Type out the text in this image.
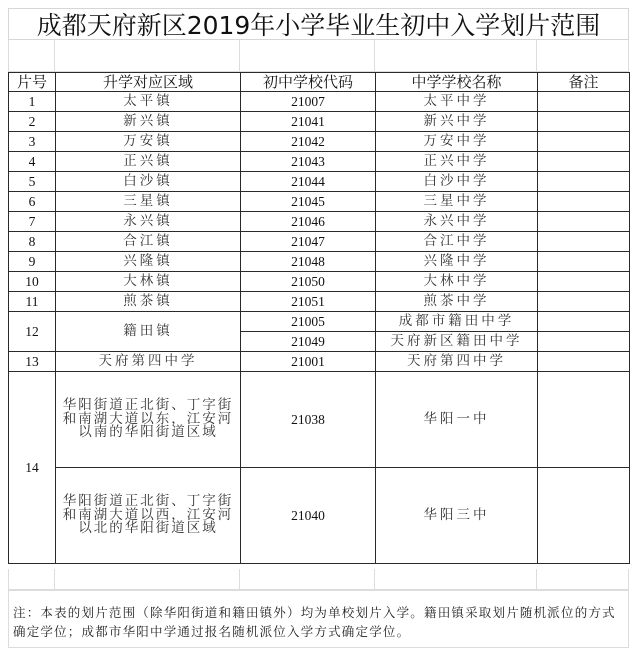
成都天府新区2019年小学毕业生初中入学划片范围
片号	升学对应区域	初中学校代码	中学学校名称	备注
1	太平镇	21007	太平中学	
2	新兴镇	21041	新兴中学	
3	万安镇	21042	万安中学	
4	正兴镇	21043	正兴中学	
5	白沙镇	21044	白沙中学	
6	三星镇	21045	三星中学	
7	永兴镇	21046	永兴中学	
8	合江镇	21047	合江中学	
9	兴隆镇	21048	兴隆中学	
10	大林镇	21050	大林中学	
11	煎茶镇	21051	煎茶中学	
12	籍田镇	21005	成都市籍田中学	
		21049	天府新区籍田中学	
13	天府第四中学	21001	天府第四中学	
14	华阳街道正北街、丁字街和南湖大道以东，江安河以南的华阳街道区域	21038	华阳一中	
	华阳街道正北街、丁字街和南湖大道以西，江安河以北的华阳街道区域	21040	华阳三中	
注：本表的划片范围（除华阳街道和籍田镇外）均为单校划片入学。籍田镇采取划片随机派位的方式确定学位；成都市华阳中学通过报名随机派位入学方式确定学位。
